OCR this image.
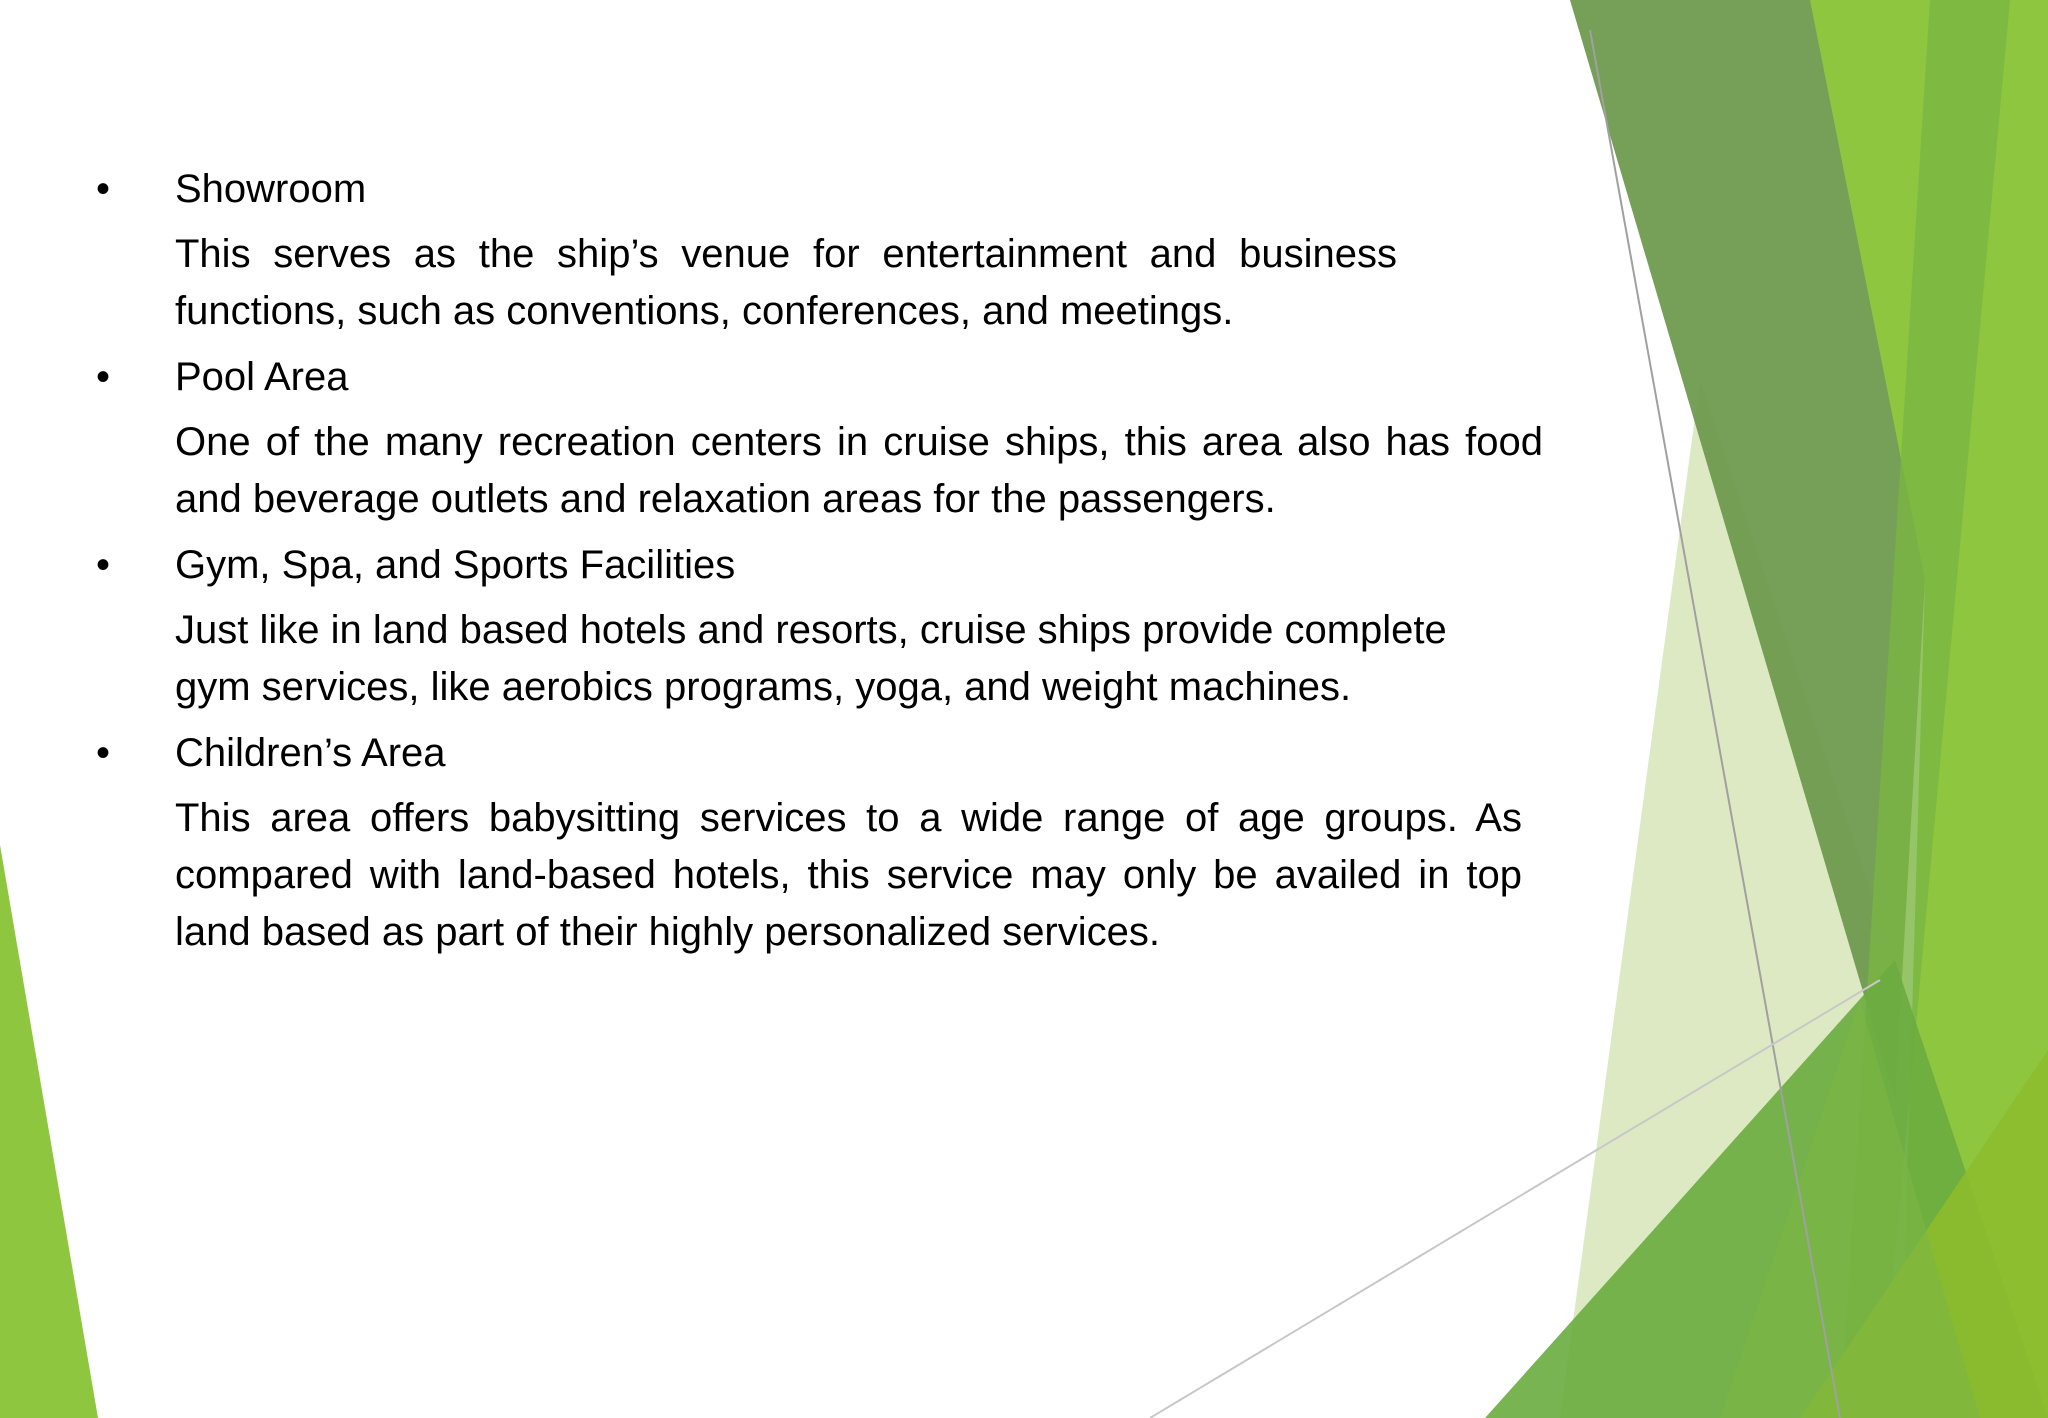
•	Showroom
This serves as the ship’s venue for entertainment and business functions, such as conventions, conferences, and meetings.
•	Pool Area
One of the many recreation centers in cruise ships, this area also has food and beverage outlets and relaxation areas for the passengers.
•	Gym, Spa, and Sports Facilities
Just like in land based hotels and resorts, cruise ships provide complete
gym services, like aerobics programs, yoga, and weight machines.
•	Children’s Area
This area offers babysitting services to a wide range of age groups. As compared with land-based hotels, this service may only be availed in top land based as part of their highly personalized services.
